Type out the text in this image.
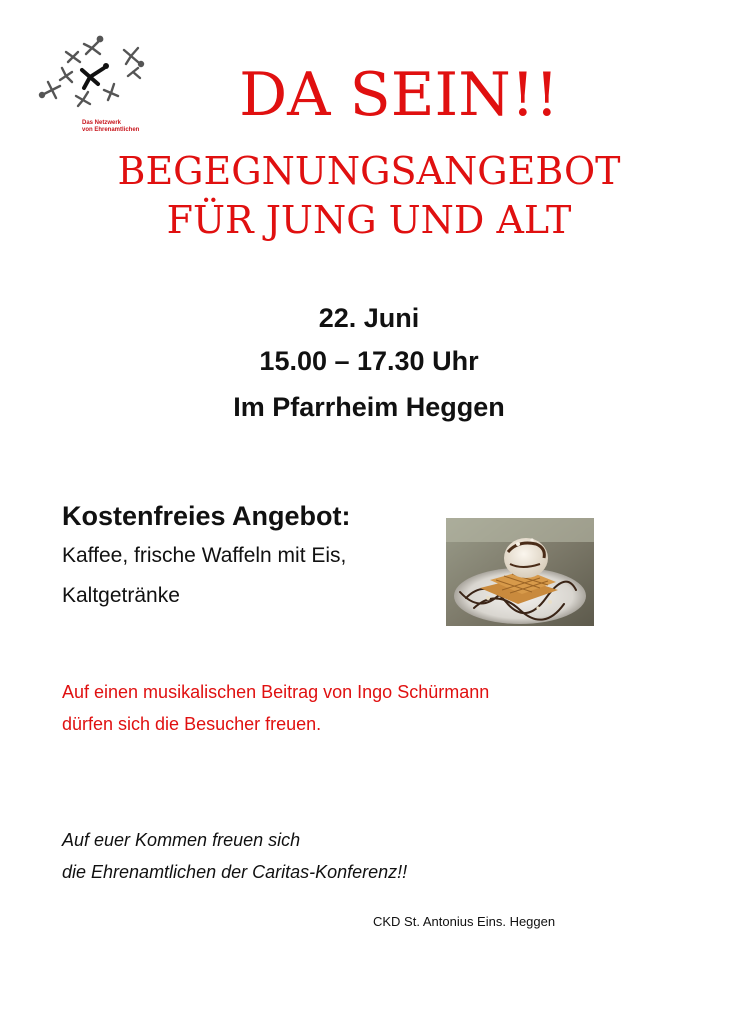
Das Netzwerk
von Ehrenamtlichen	DA SEIN!!
BEGEGNUNGSANGEBOT
FÜR JUNG UND ALT
22. Juni
15.00 – 17.30 Uhr
Im Pfarrheim Heggen
Kostenfreies Angebot:
Kaffee, frische Waffeln mit Eis,
Kaltgetränke
Auf einen musikalischen Beitrag von Ingo Schürmann
dürfen sich die Besucher freuen.
Auf euer Kommen freuen sich
die Ehrenamtlichen der Caritas-Konferenz!!
CKD St. Antonius Eins. Heggen
